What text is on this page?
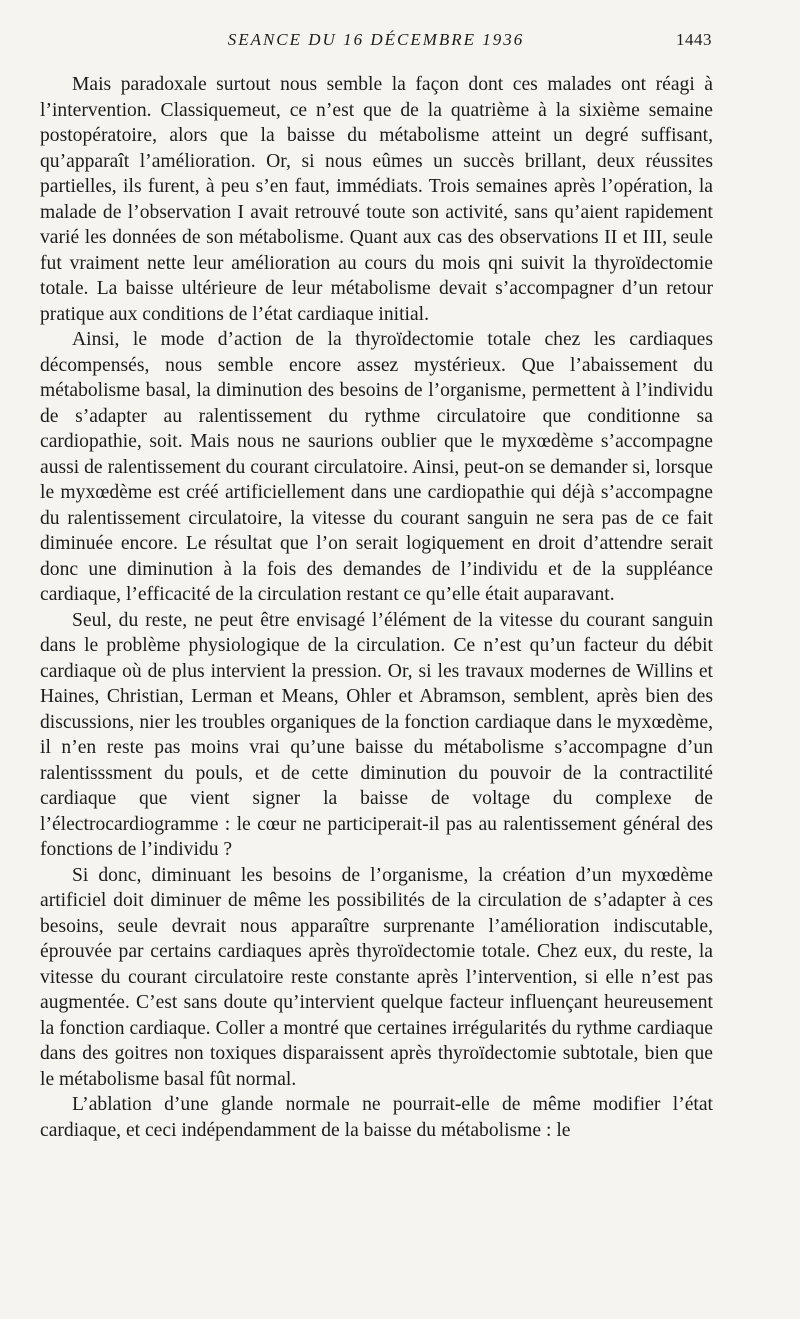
SEANCE DU 16 DÉCEMBRE 1936	1443

Mais paradoxale surtout nous semble la façon dont ces malades ont réagi à l’intervention. Classiquemeut, ce n’est que de la quatrième à la sixième semaine postopératoire, alors que la baisse du métabolisme atteint un degré suffisant, qu’apparaît l’amélioration. Or, si nous eûmes un succès brillant, deux réussites partielles, ils furent, à peu s’en faut, immédiats. Trois semaines après l’opération, la malade de l’observation I avait retrouvé toute son activité, sans qu’aient rapidement varié les données de son métabolisme. Quant aux cas des observations II et III, seule fut vraiment nette leur amélioration au cours du mois qni suivit la thyroïdectomie totale. La baisse ultérieure de leur métabolisme devait s’accompagner d’un retour pratique aux conditions de l’état cardiaque initial.

Ainsi, le mode d’action de la thyroïdectomie totale chez les cardiaques décompensés, nous semble encore assez mystérieux. Que l’abaissement du métabolisme basal, la diminution des besoins de l’organisme, permettent à l’individu de s’adapter au ralentissement du rythme circulatoire que conditionne sa cardiopathie, soit. Mais nous ne saurions oublier que le myxœdème s’accompagne aussi de ralentissement du courant circulatoire. Ainsi, peut-on se demander si, lorsque le myxœdème est créé artificiellement dans une cardiopathie qui déjà s’accompagne du ralentissement circulatoire, la vitesse du courant sanguin ne sera pas de ce fait diminuée encore. Le résultat que l’on serait logiquement en droit d’attendre serait donc une diminution à la fois des demandes de l’individu et de la suppléance cardiaque, l’efficacité de la circulation restant ce qu’elle était auparavant.

Seul, du reste, ne peut être envisagé l’élément de la vitesse du courant sanguin dans le problème physiologique de la circulation. Ce n’est qu’un facteur du débit cardiaque où de plus intervient la pression. Or, si les travaux modernes de Willins et Haines, Christian, Lerman et Means, Ohler et Abramson, semblent, après bien des discussions, nier les troubles organiques de la fonction cardiaque dans le myxœdème, il n’en reste pas moins vrai qu’une baisse du métabolisme s’accompagne d’un ralentisssment du pouls, et de cette diminution du pouvoir de la contractilité cardiaque que vient signer la baisse de voltage du complexe de l’électrocardiogramme : le cœur ne participerait-il pas au ralentissement général des fonctions de l’individu ?

Si donc, diminuant les besoins de l’organisme, la création d’un myxœdème artificiel doit diminuer de même les possibilités de la circulation de s’adapter à ces besoins, seule devrait nous apparaître surprenante l’amélioration indiscutable, éprouvée par certains cardiaques après thyroïdectomie totale. Chez eux, du reste, la vitesse du courant circulatoire reste constante après l’intervention, si elle n’est pas augmentée. C’est sans doute qu’intervient quelque facteur influençant heureusement la fonction cardiaque. Coller a montré que certaines irrégularités du rythme cardiaque dans des goitres non toxiques disparaissent après thyroïdectomie subtotale, bien que le métabolisme basal fût normal.

L’ablation d’une glande normale ne pourrait-elle de même modifier l’état cardiaque, et ceci indépendamment de la baisse du métabolisme : le
